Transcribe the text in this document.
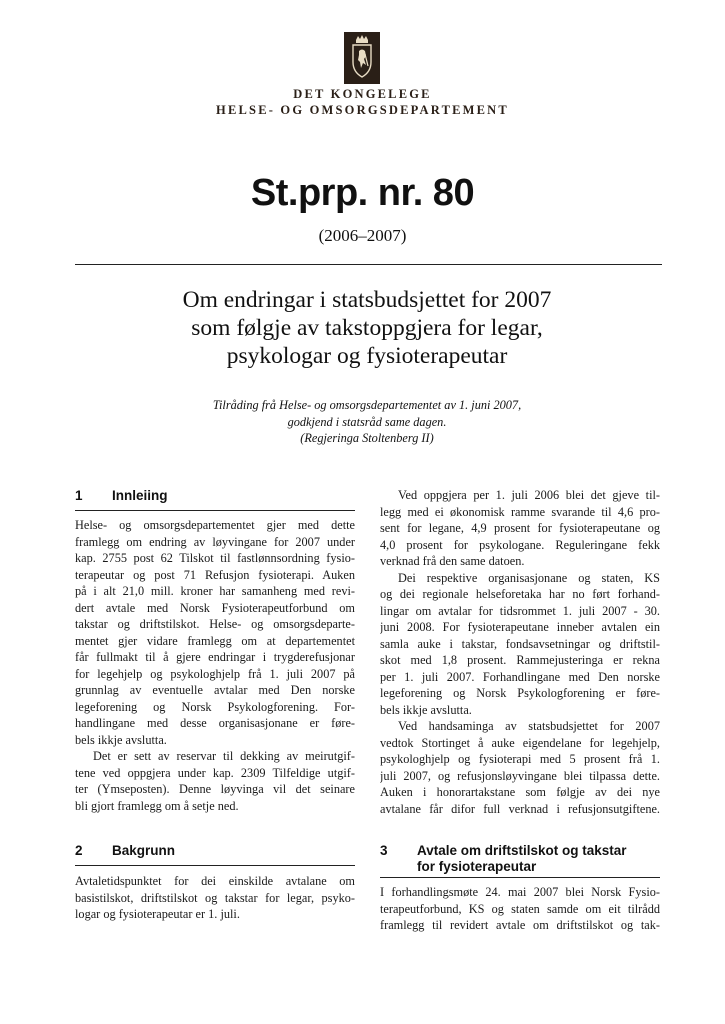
DET KONGELEGE
HELSE- OG OMSORGSDEPARTEMENT
St.prp. nr. 80
(2006–2007)
Om endringar i statsbudsjettet for 2007
som følgje av takstoppgjera for legar,
psykologar og fysioterapeutar
Tilråding frå Helse- og omsorgsdepartementet av 1. juni 2007,
godkjend i statsråd same dagen.
(Regjeringa Stoltenberg II)
1 Innleiing
Helse- og omsorgsdepartementet gjer med dette
framlegg om endring av løyvingane for 2007 under
kap. 2755 post 62 Tilskot til fastlønnsordning fysio-
terapeutar og post 71 Refusjon fysioterapi. Auken
på i alt 21,0 mill. kroner har samanheng med revi-
dert avtale med Norsk Fysioterapeutforbund om
takstar og driftstilskot. Helse- og omsorgsdeparte-
mentet gjer vidare framlegg om at departementet
får fullmakt til å gjere endringar i trygderefusjonar
for legehjelp og psykologhjelp frå 1. juli 2007 på
grunnlag av eventuelle avtalar med Den norske
legeforening og Norsk Psykologforening. For-
handlingane med desse organisasjonane er føre-
bels ikkje avslutta.
Det er sett av reservar til dekking av meirutgif-
tene ved oppgjera under kap. 2309 Tilfeldige utgif-
ter (Ymseposten). Denne løyvinga vil det seinare
bli gjort framlegg om å setje ned.
Ved oppgjera per 1. juli 2006 blei det gjeve til-
legg med ei økonomisk ramme svarande til 4,6 pro-
sent for legane, 4,9 prosent for fysioterapeutane og
4,0 prosent for psykologane. Reguleringane fekk
verknad frå den same datoen.
Dei respektive organisasjonane og staten, KS
og dei regionale helseforetaka har no ført forhand-
lingar om avtalar for tidsrommet 1. juli 2007 - 30.
juni 2008. For fysioterapeutane inneber avtalen ein
samla auke i takstar, fondsavsetningar og driftstil-
skot med 1,8 prosent. Rammejusteringa er rekna
per 1. juli 2007. Forhandlingane med Den norske
legeforening og Norsk Psykologforening er føre-
bels ikkje avslutta.
Ved handsaminga av statsbudsjettet for 2007
vedtok Stortinget å auke eigendelane for legehjelp,
psykologhjelp og fysioterapi med 5 prosent frå 1.
juli 2007, og refusjonsløyvingane blei tilpassa dette.
Auken i honorartakstane som følgje av dei nye
avtalane får difor full verknad i refusjonsutgiftene.
2 Bakgrunn
Avtaletidspunktet for dei einskilde avtalane om
basistilskot, driftstilskot og takstar for legar, psyko-
logar og fysioterapeutar er 1. juli.
3 Avtale om driftstilskot og takstar
for fysioterapeutar
I forhandlingsmøte 24. mai 2007 blei Norsk Fysio-
terapeutforbund, KS og staten samde om eit tilrådd
framlegg til revidert avtale om driftstilskot og tak-
